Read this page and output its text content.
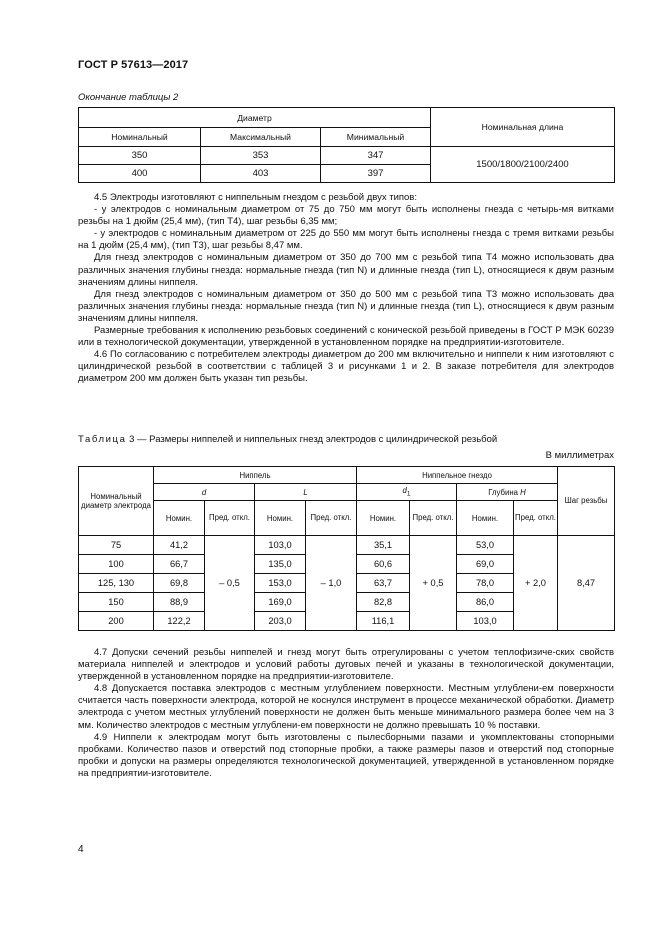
ГОСТ Р 57613—2017
Окончание таблицы 2
Диаметр			Номинальная длина
Номинальный	Максимальный	Минимальный	
350	353	347	1500/1800/2100/2400
400	403	397	

4.5 Электроды изготовляют с ниппельным гнездом с резьбой двух типов:

- у электродов с номинальным диаметром от 75 до 750 мм могут быть исполнены гнезда с четырь-мя витками резьбы на 1 дюйм (25,4 мм), (тип Т4), шаг резьбы 6,35 мм;

- у электродов с номинальным диаметром от 225 до 550 мм могут быть исполнены гнезда с тремя витками резьбы на 1 дюйм (25,4 мм), (тип Т3), шаг резьбы 8,47 мм.

Для гнезд электродов с номинальным диаметром от 350 до 700 мм с резьбой типа Т4 можно использовать два различных значения глубины гнезда: нормальные гнезда (тип N) и длинные гнезда (тип L), относящиеся к двум разным значениям длины ниппеля.

Для гнезд электродов с номинальным диаметром от 350 до 500 мм с резьбой типа Т3 можно использовать два различных значения глубины гнезда: нормальные гнезда (тип N) и длинные гнезда (тип L), относящиеся к двум разным значениям длины ниппеля.

Размерные требования к исполнению резьбовых соединений с конической резьбой приведены в ГОСТ Р МЭК 60239 или в технологической документации, утвержденной в установленном порядке на предприятии-изготовителе.

4.6 По согласованию с потребителем электроды диаметром до 200 мм включительно и ниппели к ним изготовляют с цилиндрической резьбой в соответствии с таблицей 3 и рисунками 1 и 2. В заказе потребителя для электродов диаметром 200 мм должен быть указан тип резьбы.

Таблица 3 — Размеры ниппелей и ниппельных гнезд электродов с цилиндрической резьбой
В миллиметрах
Номинальный диаметр электрода	Ниппель				Ниппельное гнездо				Шаг резьбы
	d		L		$d_1$		Глубина H		
	Номин.	Пред. откл.	Номин.	Пред. откл.	Номин.	Пред. откл.	Номин.	Пред. откл.	
75	41,2	– 0,5	103,0	– 1,0	35,1	+ 0,5	53,0	+ 2,0	8,47
100	66,7		135,0		60,6		69,0		
125, 130	69,8		153,0		63,7		78,0		
150	88,9		169,0		82,8		86,0		
200	122,2		203,0		116,1		103,0		

4.7 Допуски сечений резьбы ниппелей и гнезд могут быть отрегулированы с учетом теплофизиче-ских свойств материала ниппелей и электродов и условий работы дуговых печей и указаны в технологической документации, утвержденной в установленном порядке на предприятии-изготовителе.

4.8 Допускается поставка электродов с местным углублением поверхности. Местным углублени-ем поверхности считается часть поверхности электрода, которой не коснулся инструмент в процессе механической обработки. Диаметр электрода с учетом местных углублений поверхности не должен быть меньше минимального размера более чем на 3 мм. Количество электродов с местным углублени-ем поверхности не должно превышать 10 % поставки.

4.9 Ниппели к электродам могут быть изготовлены с пылесборными пазами и укомплектованы стопорными пробками. Количество пазов и отверстий под стопорные пробки, а также размеры пазов и отверстий под стопорные пробки и допуски на размеры определяются технологической документацией, утвержденной в установленном порядке на предприятии-изготовителе.

4
